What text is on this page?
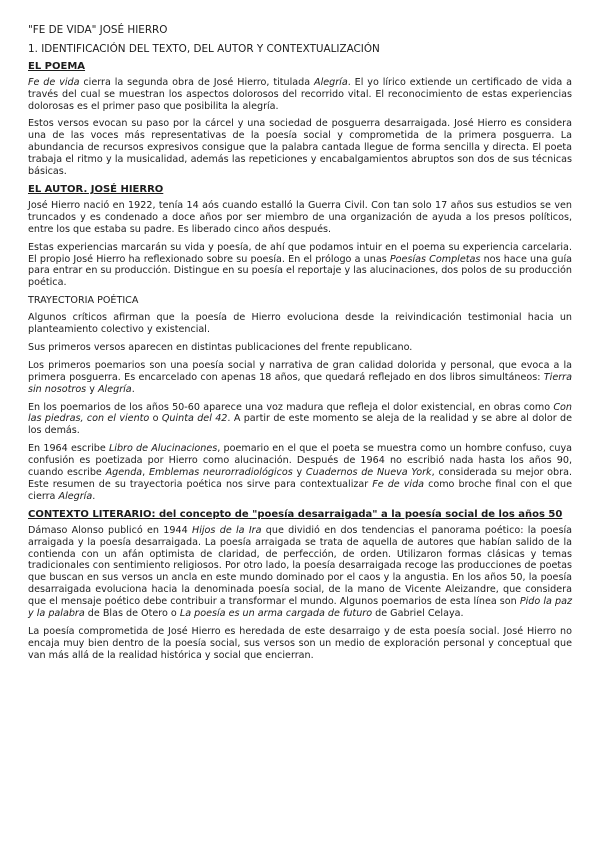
"FE DE VIDA" JOSÉ HIERRO
1. IDENTIFICACIÓN DEL TEXTO, DEL AUTOR Y CONTEXTUALIZACIÓN
EL POEMA

Fe de vida cierra la segunda obra de José Hierro, titulada Alegría. El yo lírico extiende un certificado de vida a través del cual se muestran los aspectos dolorosos del recorrido vital. El reconocimiento de estas experiencias dolorosas es el primer paso que posibilita la alegría.

Estos versos evocan su paso por la cárcel y una sociedad de posguerra desarraigada. José Hierro es considera una de las voces más representativas de la poesía social y comprometida de la primera posguerra. La abundancia de recursos expresivos consigue que la palabra cantada llegue de forma sencilla y directa. El poeta trabaja el ritmo y la musicalidad, además las repeticiones y encabalgamientos abruptos son dos de sus técnicas básicas.

EL AUTOR. JOSÉ HIERRO

José Hierro nació en 1922, tenía 14 aós cuando estalló la Guerra Civil. Con tan solo 17 años sus estudios se ven truncados y es condenado a doce años por ser miembro de una organización de ayuda a los presos políticos, entre los que estaba su padre. Es liberado cinco años después.

Estas experiencias marcarán su vida y poesía, de ahí que podamos intuir en el poema su experiencia carcelaria. El propio José Hierro ha reflexionado sobre su poesía. En el prólogo a unas Poesías Completas nos hace una guía para entrar en su producción. Distingue en su poesía el reportaje y las alucinaciones, dos polos de su producción poética.

TRAYECTORIA POÉTICA

Algunos críticos afirman que la poesía de Hierro evoluciona desde la reivindicación testimonial hacia un planteamiento colectivo y existencial.

Sus primeros versos aparecen en distintas publicaciones del frente republicano.

Los primeros poemarios son una poesía social y narrativa de gran calidad dolorida y personal, que evoca a la primera posguerra. Es encarcelado con apenas 18 años, que quedará reflejado en dos libros simultáneos: Tierra sin nosotros y Alegría.

En los poemarios de los años 50-60 aparece una voz madura que refleja el dolor existencial, en obras como Con las piedras, con el viento o Quinta del 42. A partir de este momento se aleja de la realidad y se abre al dolor de los demás.

En 1964 escribe Libro de Alucinaciones, poemario en el que el poeta se muestra como un hombre confuso, cuya confusión es poetizada por Hierro como alucinación. Después de 1964 no escribió nada hasta los años 90, cuando escribe Agenda, Emblemas neurorradiológicos y Cuadernos de Nueva York, considerada su mejor obra. Este resumen de su trayectoria poética nos sirve para contextualizar Fe de vida como broche final con el que cierra Alegría.

CONTEXTO LITERARIO: del concepto de "poesía desarraigada" a la poesía social de los años 50

Dámaso Alonso publicó en 1944 Hijos de la Ira que dividió en dos tendencias el panorama poético: la poesía arraigada y la poesía desarraigada. La poesía arraigada se trata de aquella de autores que habían salido de la contienda con un afán optimista de claridad, de perfección, de orden. Utilizaron formas clásicas y temas tradicionales con sentimiento religiosos. Por otro lado, la poesía desarraigada recoge las producciones de poetas que buscan en sus versos un ancla en este mundo dominado por el caos y la angustia. En los años 50, la poesía desarraigada evoluciona hacia la denominada poesía social, de la mano de Vicente Aleizandre, que considera que el mensaje poético debe contribuir a transformar el mundo. Algunos poemarios de esta línea son Pido la paz y la palabra de Blas de Otero o La poesía es un arma cargada de futuro de Gabriel Celaya.

La poesía comprometida de José Hierro es heredada de este desarraigo y de esta poesía social. José Hierro no encaja muy bien dentro de la poesía social, sus versos son un medio de exploración personal y conceptual que van más allá de la realidad histórica y social que encierran.
